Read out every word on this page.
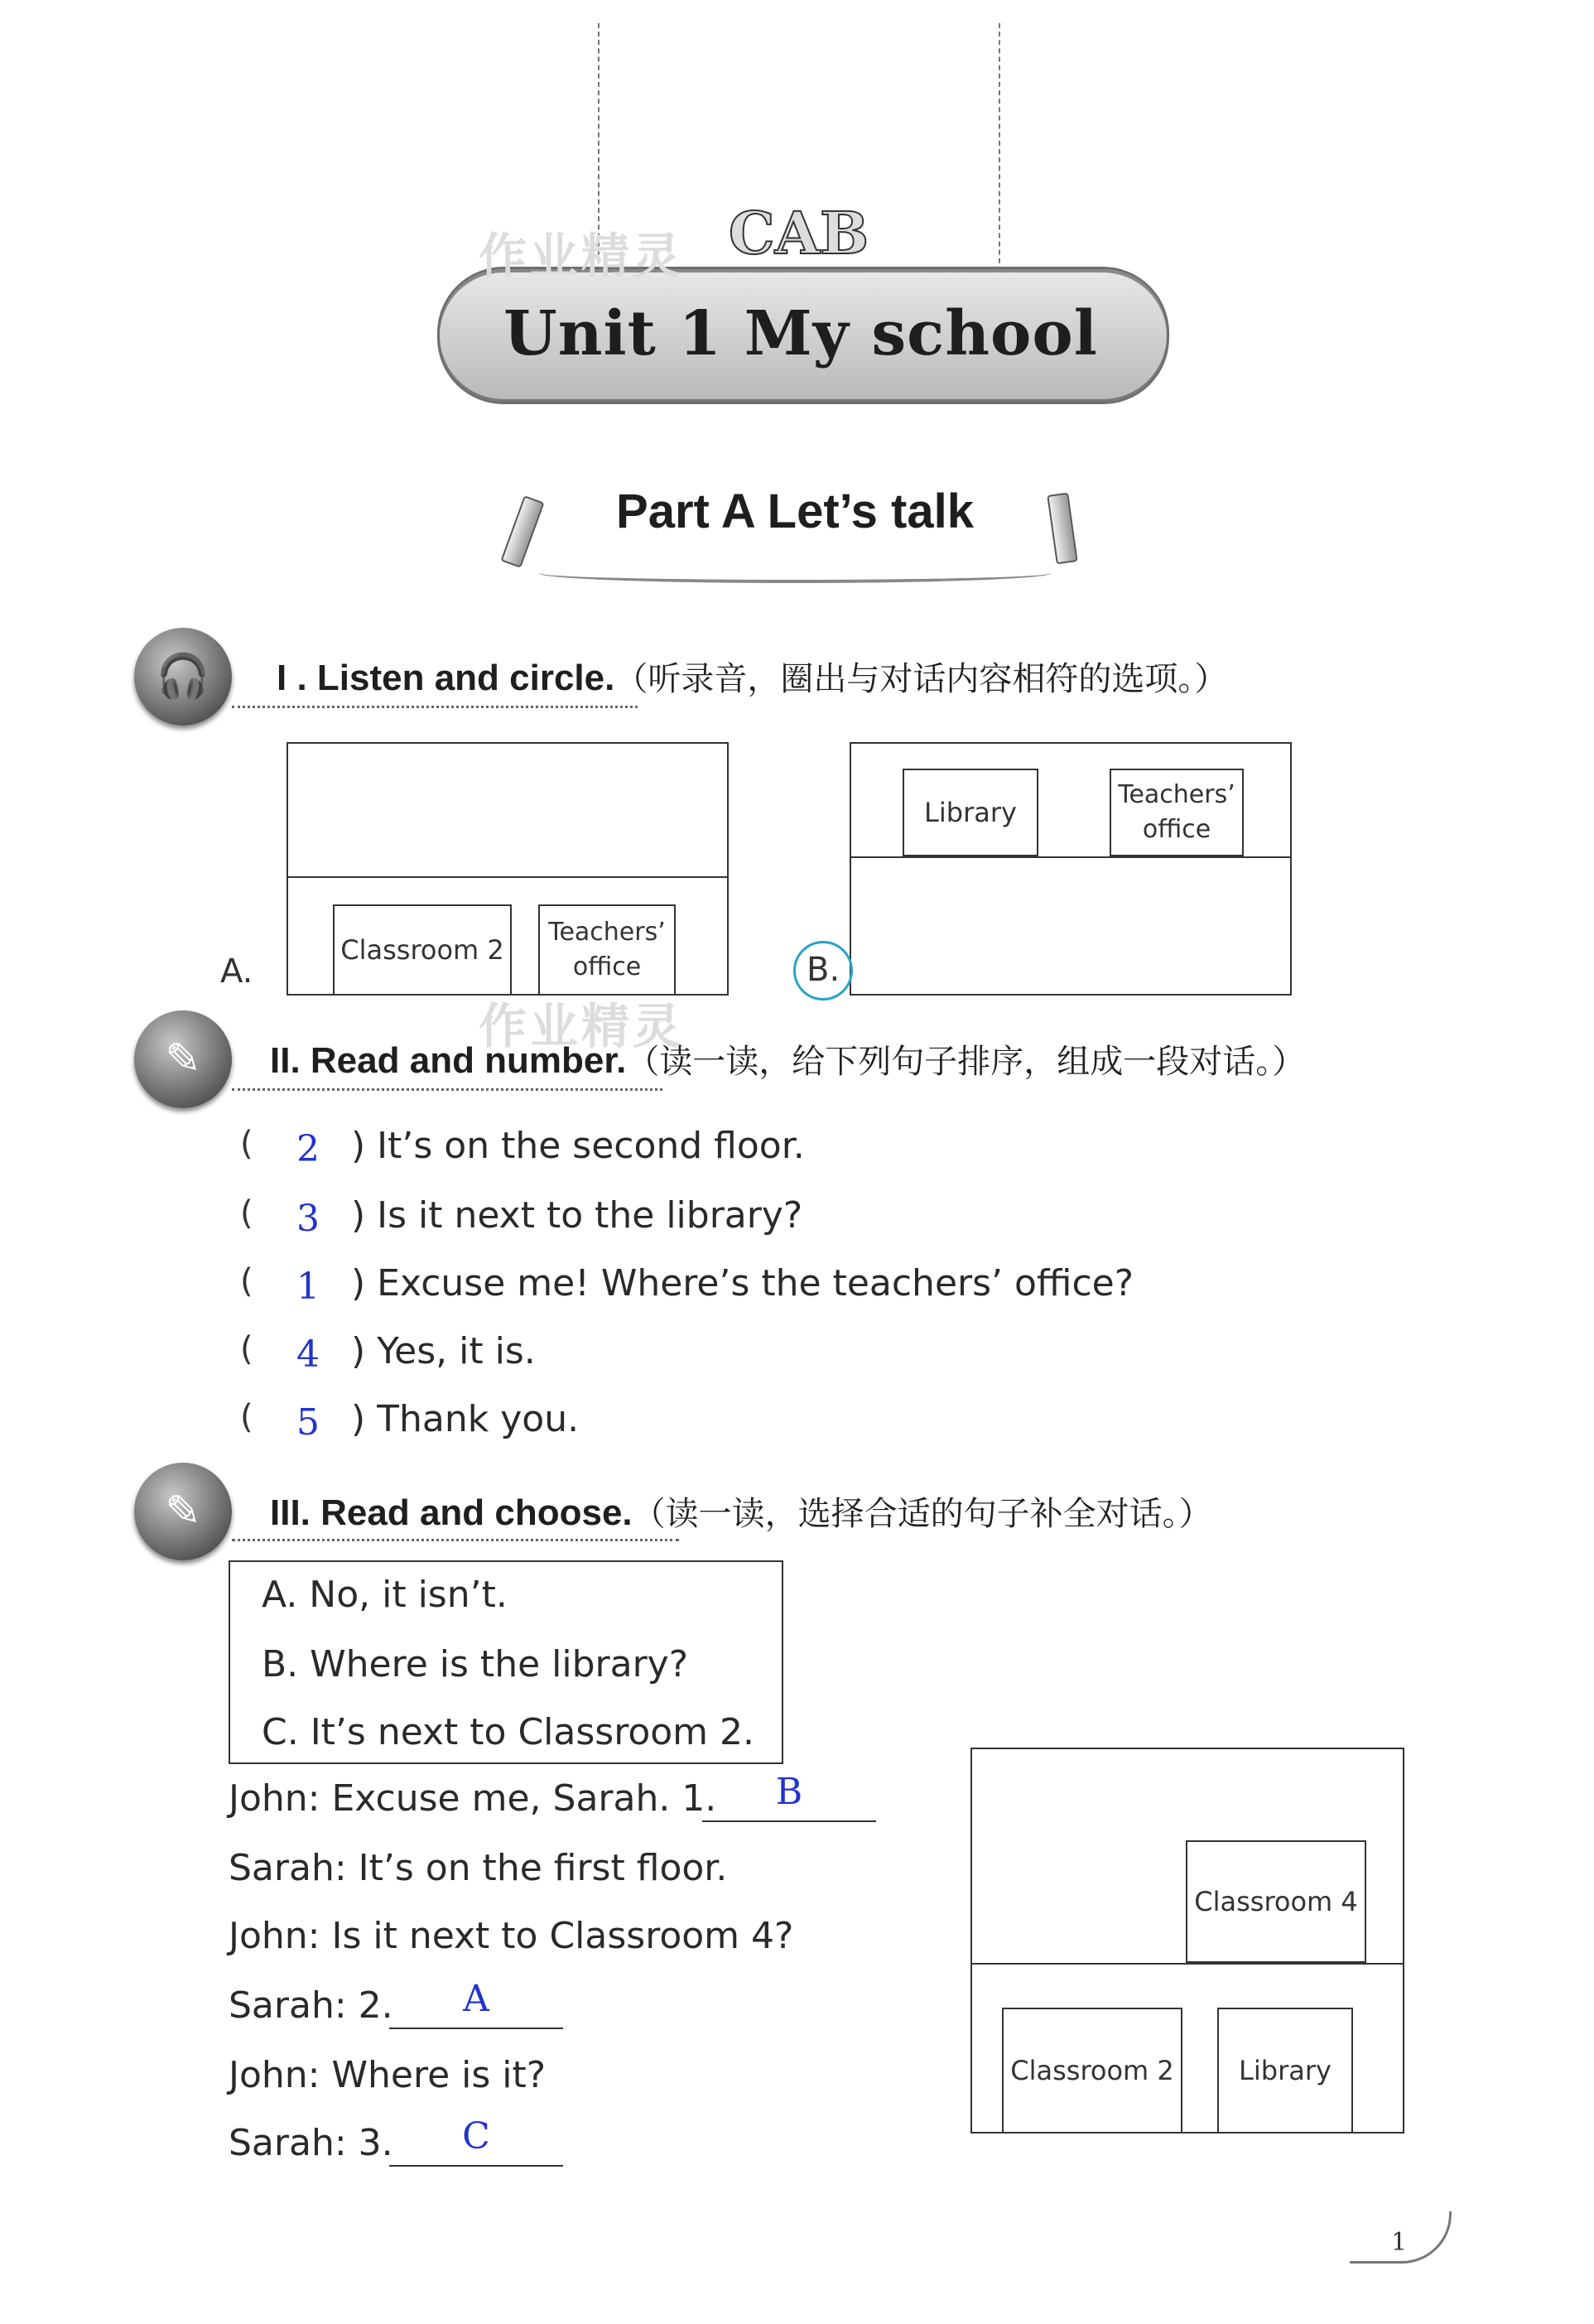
CAB
作业精灵
Unit 1 My school
Part A Let’s talk
🎧	I . Listen and circle.（听录音，圈出与对话内容相符的选项。）
Classroom 2
Teachers’ office
A.
Library
Teachers’ office
B.
✎
作业精灵
II. Read and number.（读一读，给下列句子排序，组成一段对话。）
( 2 ) It’s on the second floor.
( 3 ) Is it next to the library?
( 1 ) Excuse me! Where’s the teachers’ office?
( 4 ) Yes, it is.
( 5 ) Thank you.
✎	III. Read and choose.（读一读，选择合适的句子补全对话。）
A. No, it isn’t.
B. Where is the library?
C. It’s next to Classroom 2.
John: Excuse me, Sarah. 1.	B
Sarah: It’s on the first floor.
John: Is it next to Classroom 4?
Sarah: 2.	A
John: Where is it?
Sarah: 3.	C
Classroom 4
Classroom 2	Library
1
